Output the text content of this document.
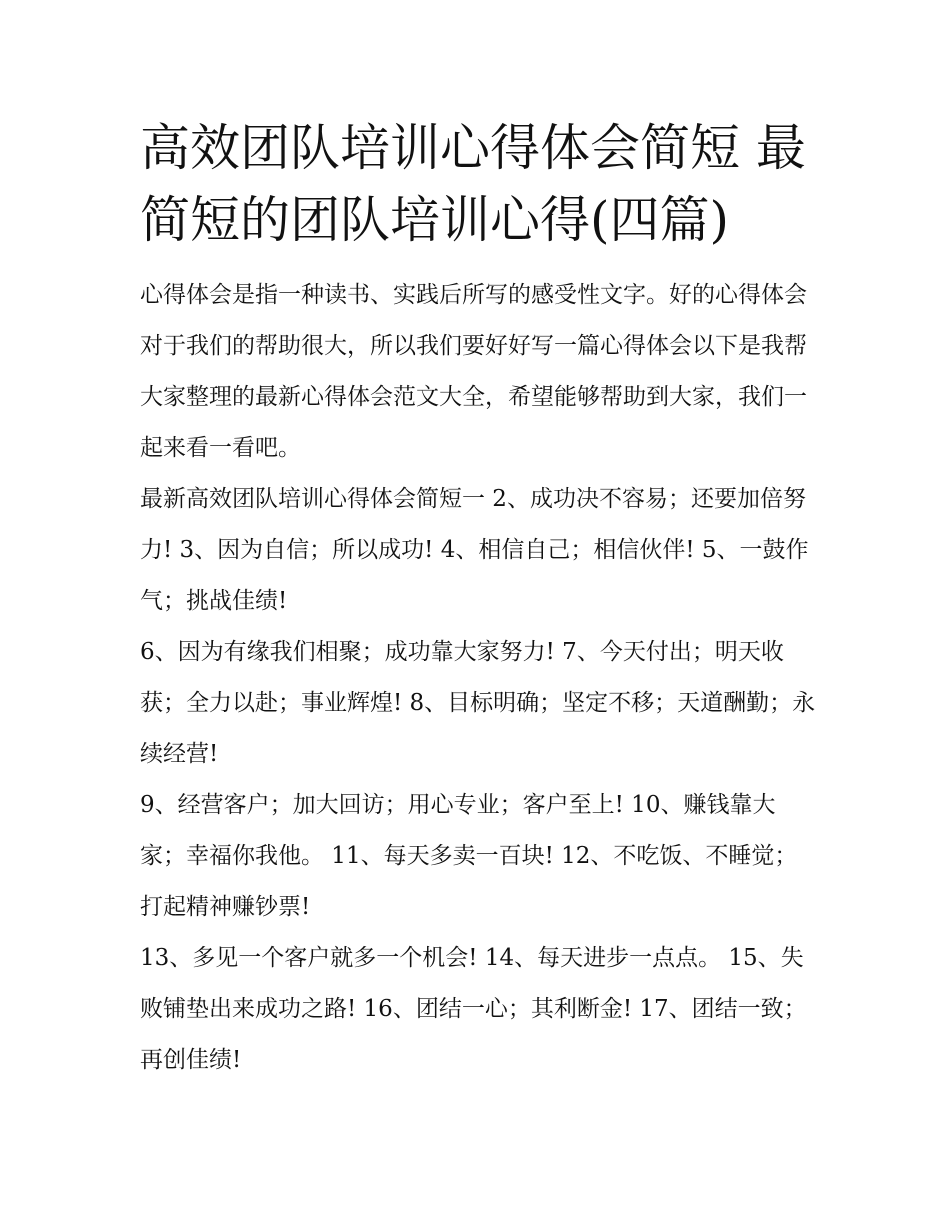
高效团队培训心得体会简短 最简短的团队培训心得(四篇)

心得体会是指一种读书、实践后所写的感受性文字。好的心得体会对于我们的帮助很大，所以我们要好好写一篇心得体会以下是我帮大家整理的最新心得体会范文大全，希望能够帮助到大家，我们一起来看一看吧。

最新高效团队培训心得体会简短一 2、成功决不容易；还要加倍努力! 3、因为自信；所以成功! 4、相信自己；相信伙伴! 5、一鼓作气；挑战佳绩!

6、因为有缘我们相聚；成功靠大家努力! 7、今天付出；明天收获；全力以赴；事业辉煌! 8、目标明确；坚定不移；天道酬勤；永续经营!

9、经营客户；加大回访；用心专业；客户至上! 10、赚钱靠大家；幸福你我他。 11、每天多卖一百块! 12、不吃饭、不睡觉；打起精神赚钞票!

13、多见一个客户就多一个机会! 14、每天进步一点点。 15、失败铺垫出来成功之路! 16、团结一心；其利断金! 17、团结一致；再创佳绩!
